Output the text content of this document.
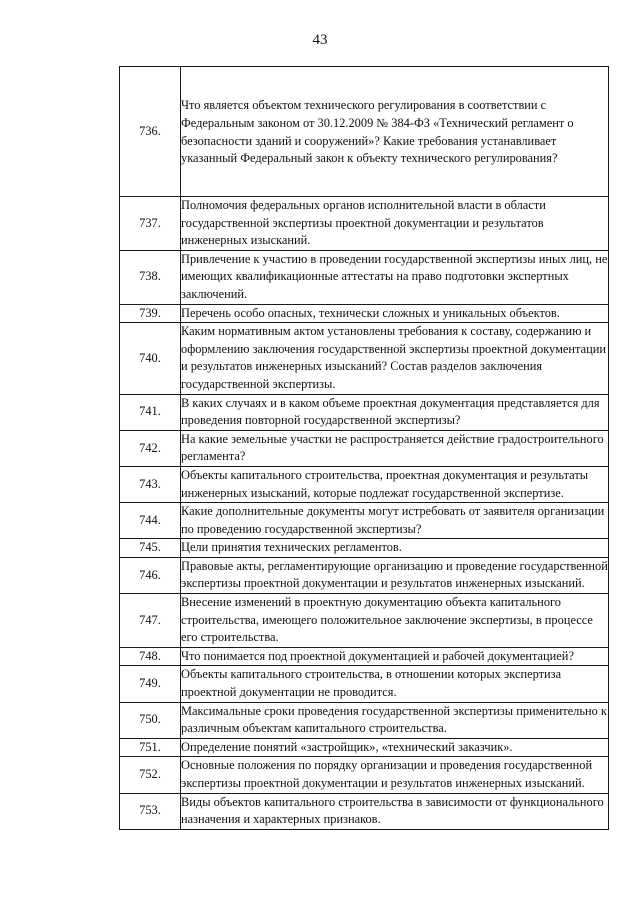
43
736.	Что является объектом технического регулирования в соответствии с Федеральным законом от 30.12.2009 № 384-ФЗ «Технический регламент о безопасности зданий и сооружений»? Какие требования устанавливает указанный Федеральный закон к объекту технического регулирования?
737.	Полномочия федеральных органов исполнительной власти в области государственной экспертизы проектной документации и результатов инженерных изысканий.
738.	Привлечение к участию в проведении государственной экспертизы иных лиц, не имеющих квалификационные аттестаты на право подготовки экспертных заключений.
739.	Перечень особо опасных, технически сложных и уникальных объектов.
740.	Каким нормативным актом установлены требования к составу, содержанию и оформлению заключения государственной экспертизы проектной документации и результатов инженерных изысканий? Состав разделов заключения государственной экспертизы.
741.	В каких случаях и в каком объеме проектная документация представляется для проведения повторной государственной экспертизы?
742.	На какие земельные участки не распространяется действие градостроительного регламента?
743.	Объекты капитального строительства, проектная документация и результаты инженерных изысканий, которые подлежат государственной экспертизе.
744.	Какие дополнительные документы могут истребовать от заявителя организации по проведению государственной экспертизы?
745.	Цели принятия технических регламентов.
746.	Правовые акты, регламентирующие организацию и проведение государственной экспертизы проектной документации и результатов инженерных изысканий.
747.	Внесение изменений в проектную документацию объекта капитального строительства, имеющего положительное заключение экспертизы, в процессе его строительства.
748.	Что понимается под проектной документацией и рабочей документацией?
749.	Объекты капитального строительства, в отношении которых экспертиза проектной документации не проводится.
750.	Максимальные сроки проведения государственной экспертизы применительно к различным объектам капитального строительства.
751.	Определение понятий «застройщик», «технический заказчик».
752.	Основные положения по порядку организации и проведения государственной экспертизы проектной документации и результатов инженерных изысканий.
753.	Виды объектов капитального строительства в зависимости от функционального назначения и характерных признаков.
